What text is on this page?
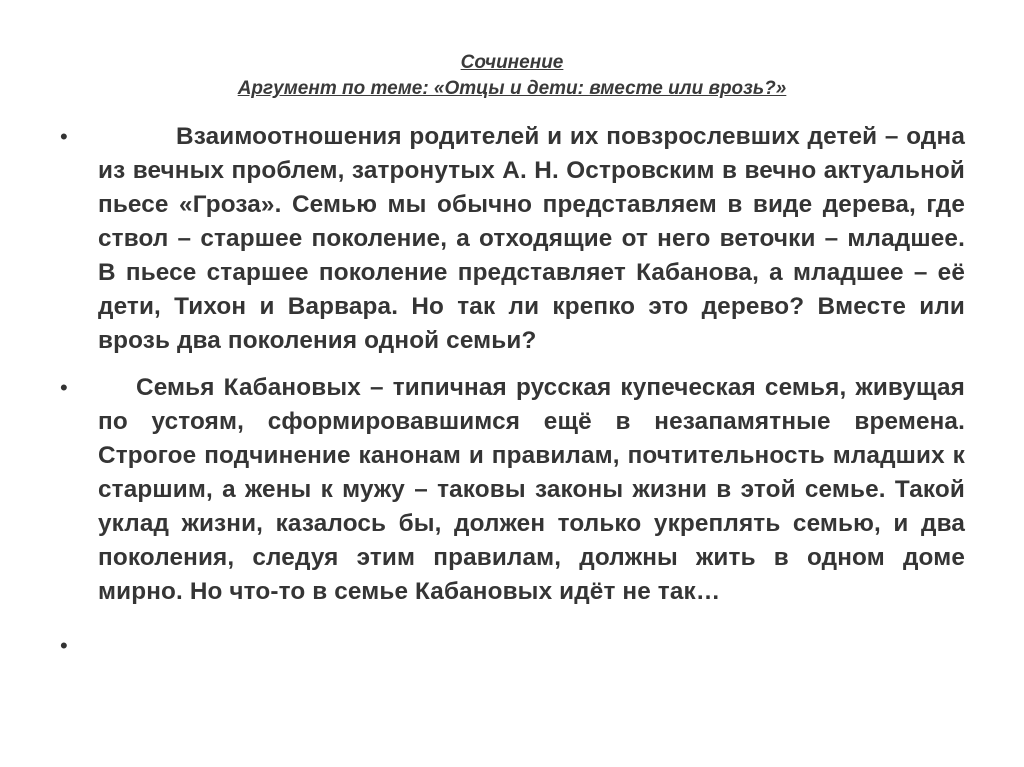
Сочинение
Аргумент по теме: «Отцы и дети: вместе или врозь?»
•	Взаимоотношения родителей и их повзрослевших детей – одна из вечных проблем, затронутых А. Н. Островским в вечно актуальной пьесе «Гроза». Семью мы обычно представляем в виде дерева, где ствол – старшее поколение, а отходящие от него веточки – младшее. В пьесе старшее поколение представляет Кабанова, а младшее – её дети, Тихон и Варвара. Но так ли крепко это дерево? Вместе или врозь два поколения одной семьи?

•	Семья Кабановых – типичная русская купеческая семья, живущая по устоям, сформировавшимся ещё в незапамятные времена. Строгое подчинение канонам и правилам, почтительность младших к старшим, а жены к мужу – таковы законы жизни в этой семье. Такой уклад жизни, казалось бы, должен только укреплять семью, и два поколения, следуя этим правилам, должны жить в одном доме мирно. Но что-то в семье Кабановых идёт не так…

•
